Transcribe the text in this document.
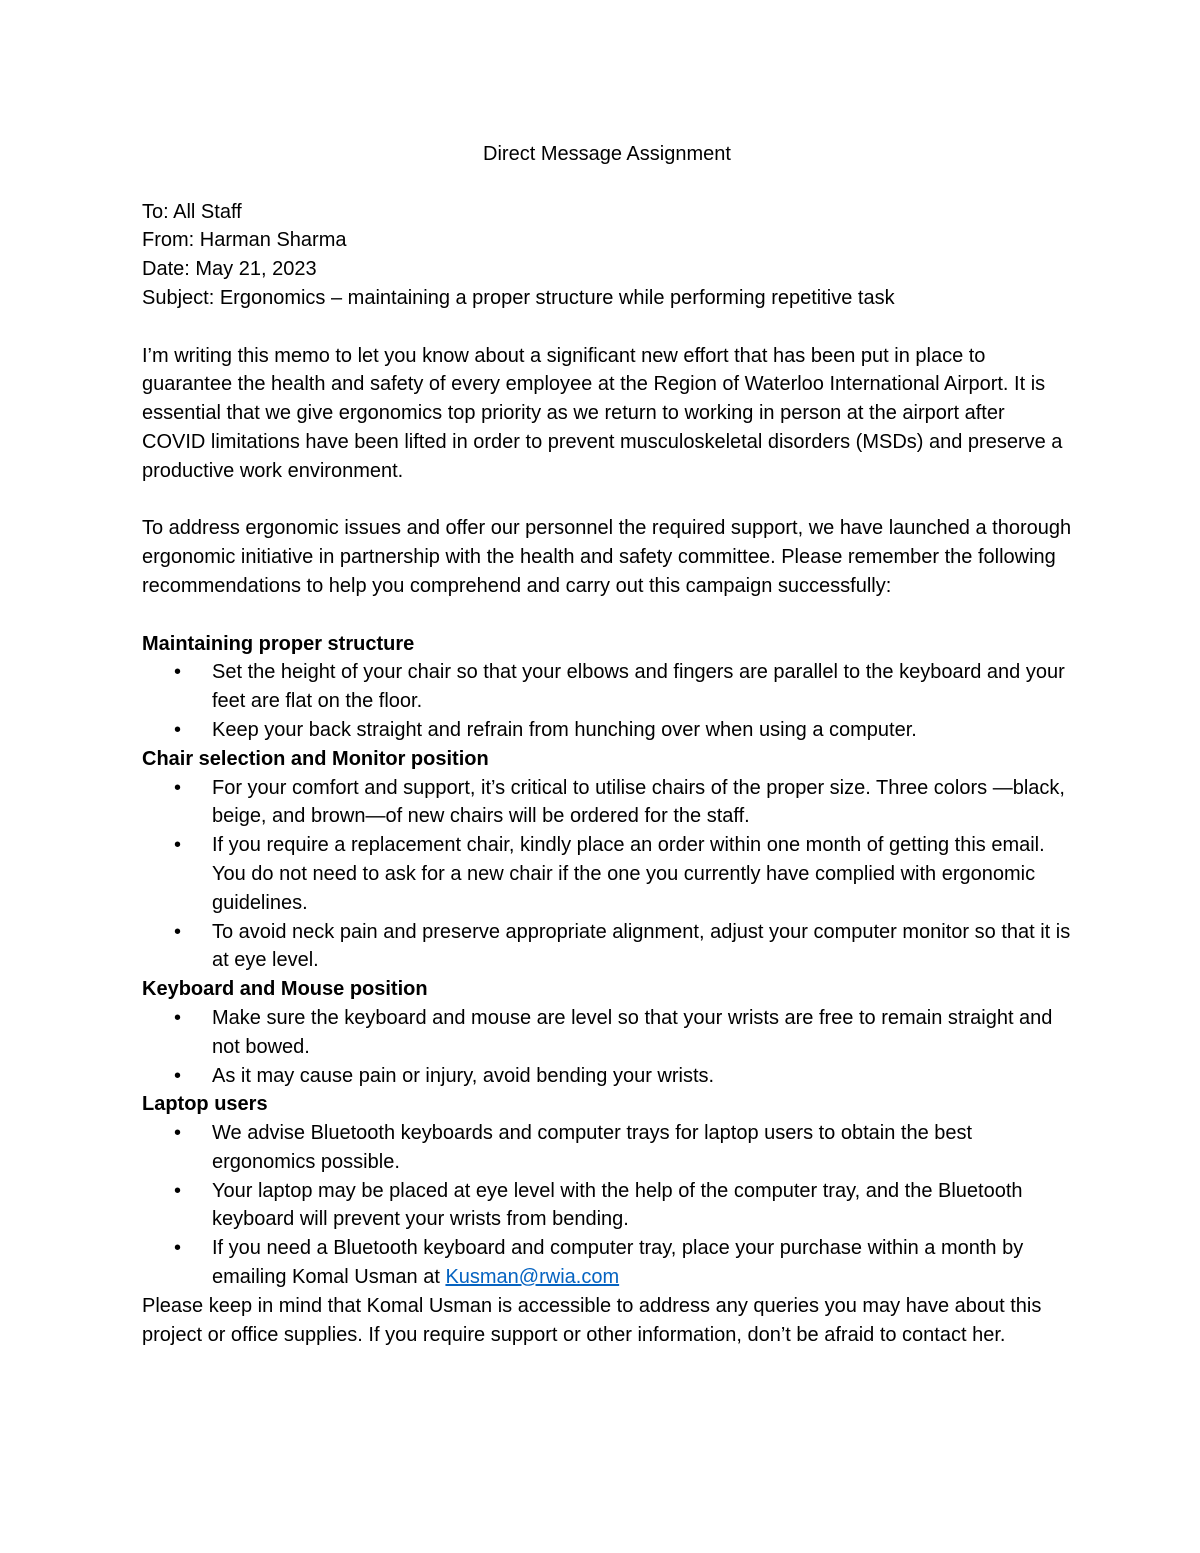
Direct Message Assignment

To: All Staff

From: Harman Sharma

Date: May 21, 2023

Subject: Ergonomics – maintaining a proper structure while performing repetitive task

I’m writing this memo to let you know about a significant new effort that has been put in place to guarantee the health and safety of every employee at the Region of Waterloo International Airport. It is essential that we give ergonomics top priority as we return to working in person at the airport after COVID limitations have been lifted in order to prevent musculoskeletal disorders (MSDs) and preserve a productive work environment.

To address ergonomic issues and offer our personnel the required support, we have launched a thorough ergonomic initiative in partnership with the health and safety committee. Please remember the following recommendations to help you comprehend and carry out this campaign successfully:

Maintaining proper structure

• Set the height of your chair so that your elbows and fingers are parallel to the keyboard and your feet are flat on the floor.
• Keep your back straight and refrain from hunching over when using a computer.

Chair selection and Monitor position

• For your comfort and support, it’s critical to utilise chairs of the proper size. Three colors —black, beige, and brown—of new chairs will be ordered for the staff.
• If you require a replacement chair, kindly place an order within one month of getting this email. You do not need to ask for a new chair if the one you currently have complied with ergonomic guidelines.
• To avoid neck pain and preserve appropriate alignment, adjust your computer monitor so that it is at eye level.

Keyboard and Mouse position

• Make sure the keyboard and mouse are level so that your wrists are free to remain straight and not bowed.
• As it may cause pain or injury, avoid bending your wrists.

Laptop users

• We advise Bluetooth keyboards and computer trays for laptop users to obtain the best ergonomics possible.
• Your laptop may be placed at eye level with the help of the computer tray, and the Bluetooth keyboard will prevent your wrists from bending.
• If you need a Bluetooth keyboard and computer tray, place your purchase within a month by emailing Komal Usman at Kusman@rwia.com

Please keep in mind that Komal Usman is accessible to address any queries you may have about this project or office supplies. If you require support or other information, don’t be afraid to contact her.
